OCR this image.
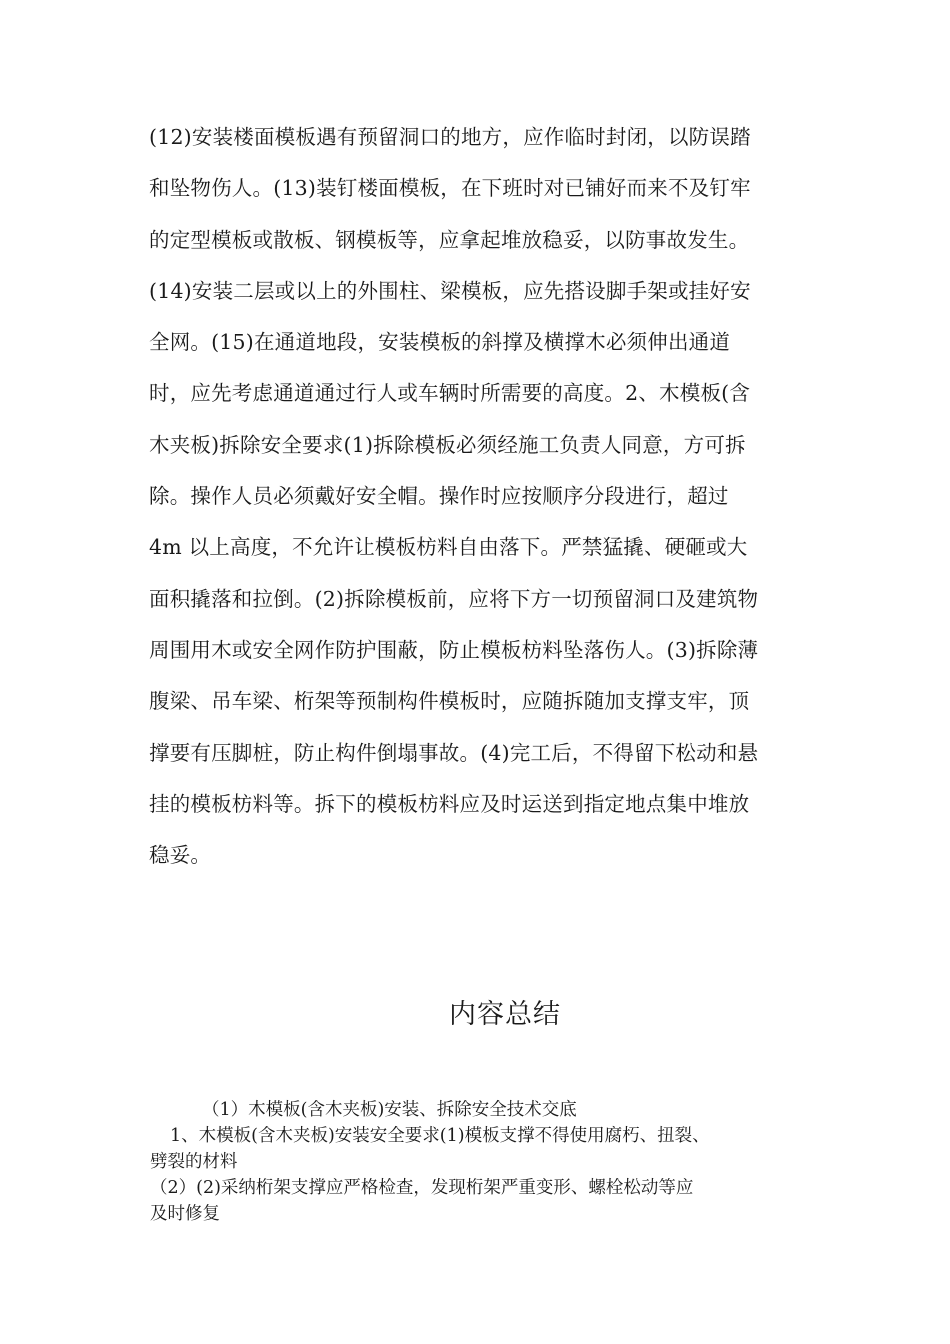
(12)安装楼面模板遇有预留洞口的地方，应作临时封闭，以防误踏
和坠物伤人。(13)装钉楼面模板，在下班时对已铺好而来不及钉牢
的定型模板或散板、钢模板等，应拿起堆放稳妥，以防事故发生。
(14)安装二层或以上的外围柱、梁模板，应先搭设脚手架或挂好安
全网。(15)在通道地段，安装模板的斜撑及横撑木必须伸出通道
时，应先考虑通道通过行人或车辆时所需要的高度。2、木模板(含
木夹板)拆除安全要求(1)拆除模板必须经施工负责人同意，方可拆
除。操作人员必须戴好安全帽。操作时应按顺序分段进行，超过
4m 以上高度，不允许让模板枋料自由落下。严禁猛撬、硬砸或大
面积撬落和拉倒。(2)拆除模板前，应将下方一切预留洞口及建筑物
周围用木或安全网作防护围蔽，防止模板枋料坠落伤人。(3)拆除薄
腹梁、吊车梁、桁架等预制构件模板时，应随拆随加支撑支牢，顶
撑要有压脚桩，防止构件倒塌事故。(4)完工后，不得留下松动和悬
挂的模板枋料等。拆下的模板枋料应及时运送到指定地点集中堆放
稳妥。
内容总结
（1）木模板(含木夹板)安装、拆除安全技术交底
1、木模板(含木夹板)安装安全要求(1)模板支撑不得使用腐朽、扭裂、
劈裂的材料
（2）(2)采纳桁架支撑应严格检查，发现桁架严重变形、螺栓松动等应
及时修复
